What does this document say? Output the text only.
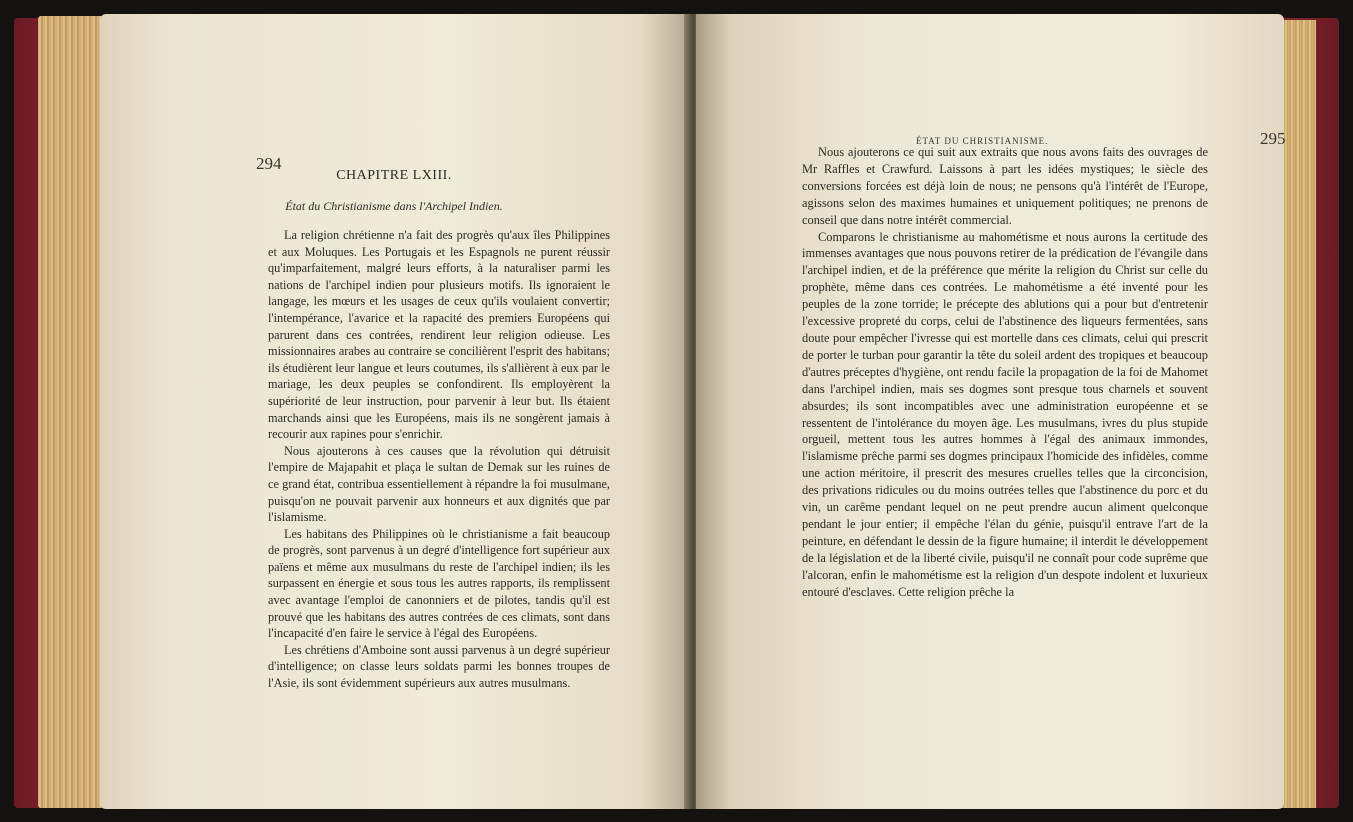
294
CHAPITRE LXIII.
État du Christianisme dans l'Archipel Indien.

La religion chrétienne n'a fait des progrès qu'aux îles Philippines et aux Moluques. Les Portugais et les Espagnols ne purent réussir qu'imparfaitement, malgré leurs efforts, à la naturaliser parmi les nations de l'archipel indien pour plusieurs motifs. Ils ignoraient le langage, les mœurs et les usages de ceux qu'ils voulaient convertir; l'intempérance, l'avarice et la rapacité des premiers Européens qui parurent dans ces contrées, rendirent leur religion odieuse. Les missionnaires arabes au contraire se concilièrent l'esprit des habitans; ils étudièrent leur langue et leurs coutumes, ils s'allièrent à eux par le mariage, les deux peuples se confondirent. Ils employèrent la supériorité de leur instruction, pour parvenir à leur but. Ils étaient marchands ainsi que les Européens, mais ils ne songèrent jamais à recourir aux rapines pour s'enrichir.

Nous ajouterons à ces causes que la révolution qui détruisit l'empire de Majapahit et plaça le sultan de Demak sur les ruines de ce grand état, contribua essentiellement à répandre la foi musulmane, puisqu'on ne pouvait parvenir aux honneurs et aux dignités que par l'islamisme.

Les habitans des Philippines où le christianisme a fait beaucoup de progrès, sont parvenus à un degré d'intelligence fort supérieur aux païens et même aux musulmans du reste de l'archipel indien; ils les surpassent en énergie et sous tous les autres rapports, ils remplissent avec avantage l'emploi de canonniers et de pilotes, tandis qu'il est prouvé que les habitans des autres contrées de ces climats, sont dans l'incapacité d'en faire le service à l'égal des Européens.

Les chrétiens d'Amboine sont aussi parvenus à un degré supérieur d'intelligence; on classe leurs soldats parmi les bonnes troupes de l'Asie, ils sont évidemment supérieurs aux autres musulmans.

ÉTAT DU CHRISTIANISME.	295

Nous ajouterons ce qui suit aux extraits que nous avons faits des ouvrages de Mr Raffles et Crawfurd. Laissons à part les idées mystiques; le siècle des conversions forcées est déjà loin de nous; ne pensons qu'à l'intérêt de l'Europe, agissons selon des maximes humaines et uniquement politiques; ne prenons de conseil que dans notre intérêt commercial.

Comparons le christianisme au mahométisme et nous aurons la certitude des immenses avantages que nous pouvons retirer de la prédication de l'évangile dans l'archipel indien, et de la préférence que mérite la religion du Christ sur celle du prophète, même dans ces contrées. Le mahométisme a été inventé pour les peuples de la zone torride; le précepte des ablutions qui a pour but d'entretenir l'excessive propreté du corps, celui de l'abstinence des liqueurs fermentées, sans doute pour empêcher l'ivresse qui est mortelle dans ces climats, celui qui prescrit de porter le turban pour garantir la tête du soleil ardent des tropiques et beaucoup d'autres préceptes d'hygiène, ont rendu facile la propagation de la foi de Mahomet dans l'archipel indien, mais ses dogmes sont presque tous charnels et souvent absurdes; ils sont incompatibles avec une administration européenne et se ressentent de l'intolérance du moyen âge. Les musulmans, ivres du plus stupide orgueil, mettent tous les autres hommes à l'égal des animaux immondes, l'islamisme prêche parmi ses dogmes principaux l'homicide des infidèles, comme une action méritoire, il prescrit des mesures cruelles telles que la circoncision, des privations ridicules ou du moins outrées telles que l'abstinence du porc et du vin, un carême pendant lequel on ne peut prendre aucun aliment quelconque pendant le jour entier; il empêche l'élan du génie, puisqu'il entrave l'art de la peinture, en défendant le dessin de la figure humaine; il interdit le développement de la législation et de la liberté civile, puisqu'il ne connaît pour code suprême que l'alcoran, enfin le mahométisme est la religion d'un despote indolent et luxurieux entouré d'esclaves. Cette religion prêche la
